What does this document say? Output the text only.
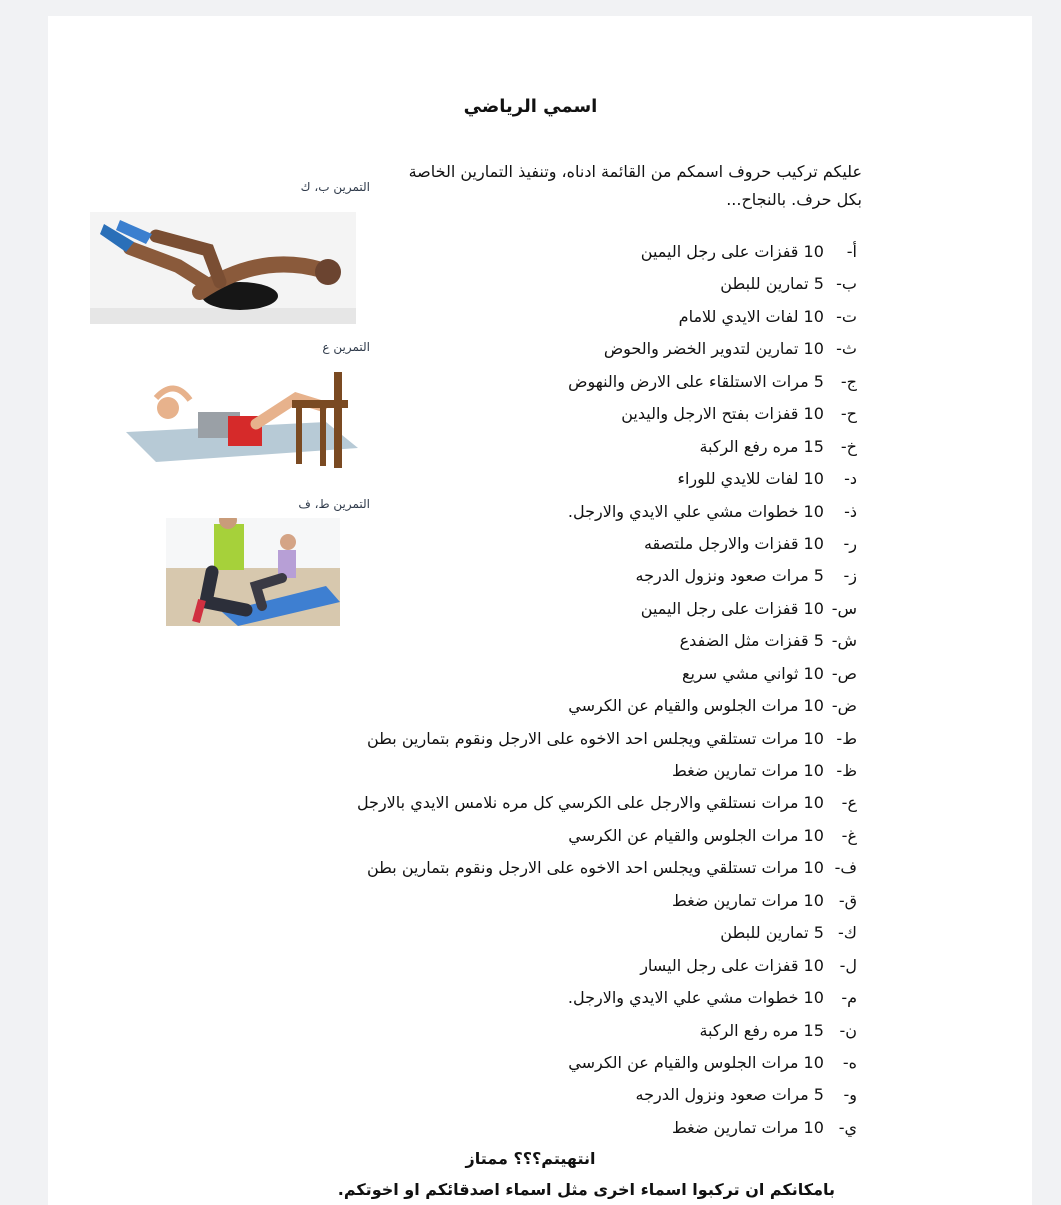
اسمي الرياضي
عليكم تركيب حروف اسمكم من القائمة ادناه، وتنفيذ التمارين الخاصة بكل حرف. بالنجاح...
التمرين ب، ك
التمرين ع
التمرين ط، ف
أ- 10 قفزات على رجل اليمين
ب- 5 تمارين للبطن
ت- 10 لفات الايدي للامام
ث- 10 تمارين لتدوير الخضر والحوض
ج- 5 مرات الاستلقاء على الارض والنهوض
ح- 10 قفزات بفتح الارجل واليدين
خ- 15 مره رفع الركبة
د- 10 لفات للايدي للوراء
ذ- 10 خطوات مشي علي الايدي والارجل.
ر- 10 قفزات والارجل ملتصقه
ز- 5 مرات صعود ونزول الدرجه
س- 10 قفزات على رجل اليمين
ش- 5 قفزات مثل الضفدع
ص- 10 ثواني مشي سريع
ض- 10 مرات الجلوس والقيام عن الكرسي
ط- 10 مرات تستلقي ويجلس احد الاخوه على الارجل ونقوم بتمارين بطن
ظ- 10 مرات تمارين ضغط
ع- 10 مرات نستلقي والارجل على الكرسي كل مره نلامس الايدي بالارجل
غ- 10 مرات الجلوس والقيام عن الكرسي
ف- 10 مرات تستلقي ويجلس احد الاخوه على الارجل ونقوم بتمارين بطن
ق- 10 مرات تمارين ضغط
ك- 5 تمارين للبطن
ل- 10 قفزات على رجل اليسار
م- 10 خطوات مشي علي الايدي والارجل.
ن- 15 مره رفع الركبة
ه- 10 مرات الجلوس والقيام عن الكرسي
و- 5 مرات صعود ونزول الدرجه
ي- 10 مرات تمارين ضغط
انتهيتم؟؟؟ ممتاز
بامكانكم ان تركبوا اسماء اخرى مثل اسماء اصدقائكم او اخوتكم.
